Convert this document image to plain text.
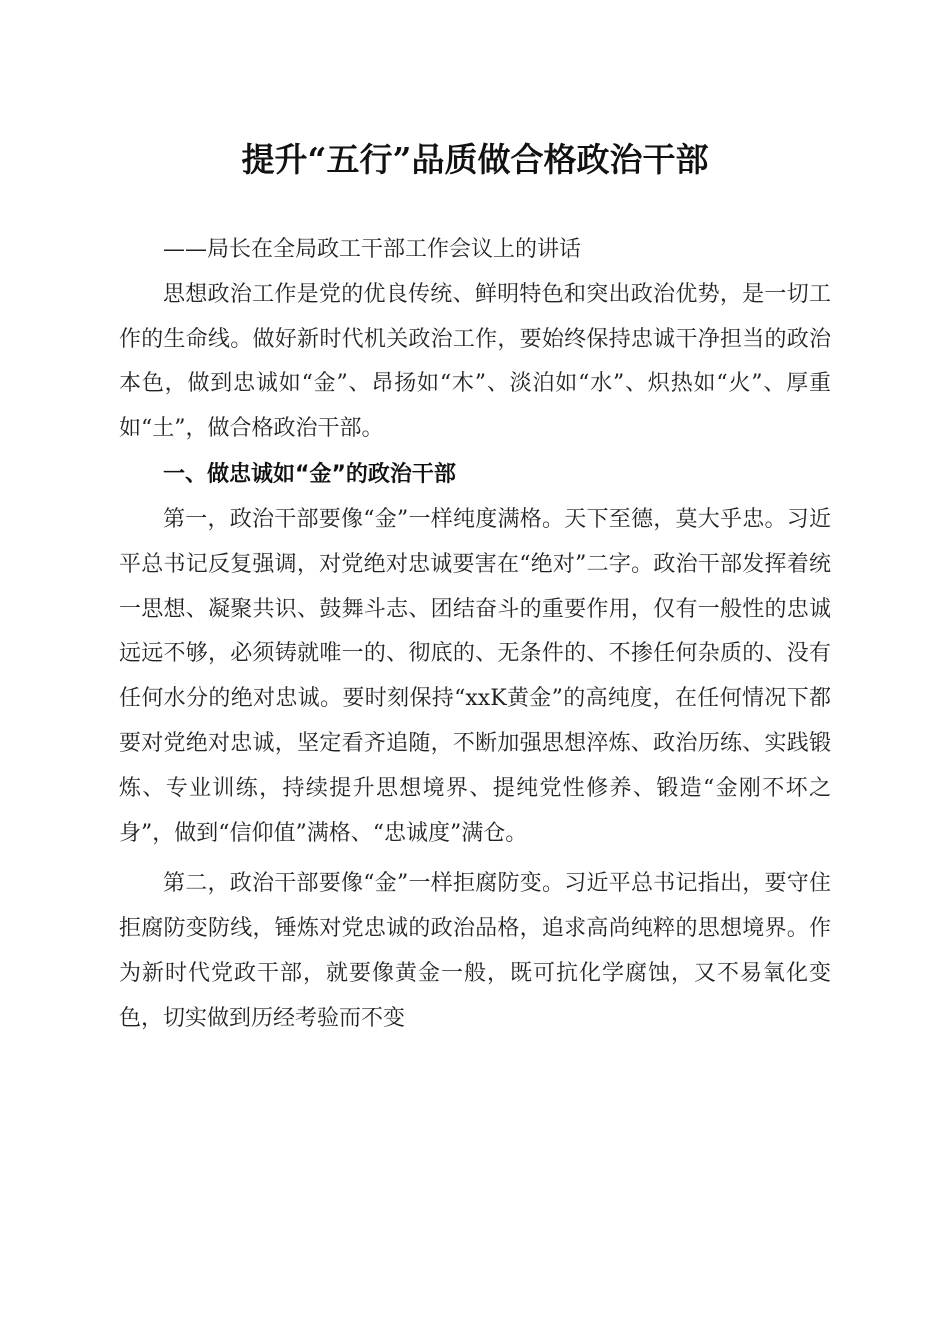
提升“五行”品质做合格政治干部

——局长在全局政工干部工作会议上的讲话

思想政治工作是党的优良传统、鲜明特色和突出政治优势，是一切工作的生命线。做好新时代机关政治工作，要始终保持忠诚干净担当的政治本色，做到忠诚如“金”、昂扬如“木”、淡泊如“水”、炽热如“火”、厚重如“土”，做合格政治干部。

一、做忠诚如“金”的政治干部

第一，政治干部要像“金”一样纯度满格。天下至德，莫大乎忠。习近平总书记反复强调，对党绝对忠诚要害在“绝对”二字。政治干部发挥着统一思想、凝聚共识、鼓舞斗志、团结奋斗的重要作用，仅有一般性的忠诚远远不够，必须铸就唯一的、彻底的、无条件的、不掺任何杂质的、没有任何水分的绝对忠诚。要时刻保持“xxK黄金”的高纯度，在任何情况下都要对党绝对忠诚，坚定看齐追随，不断加强思想淬炼、政治历练、实践锻炼、专业训练，持续提升思想境界、提纯党性修养、锻造“金刚不坏之身”，做到“信仰值”满格、“忠诚度”满仓。

第二，政治干部要像“金”一样拒腐防变。习近平总书记指出，要守住拒腐防变防线，锤炼对党忠诚的政治品格，追求高尚纯粹的思想境界。作为新时代党政干部，就要像黄金一般，既可抗化学腐蚀，又不易氧化变色，切实做到历经考验而不变
